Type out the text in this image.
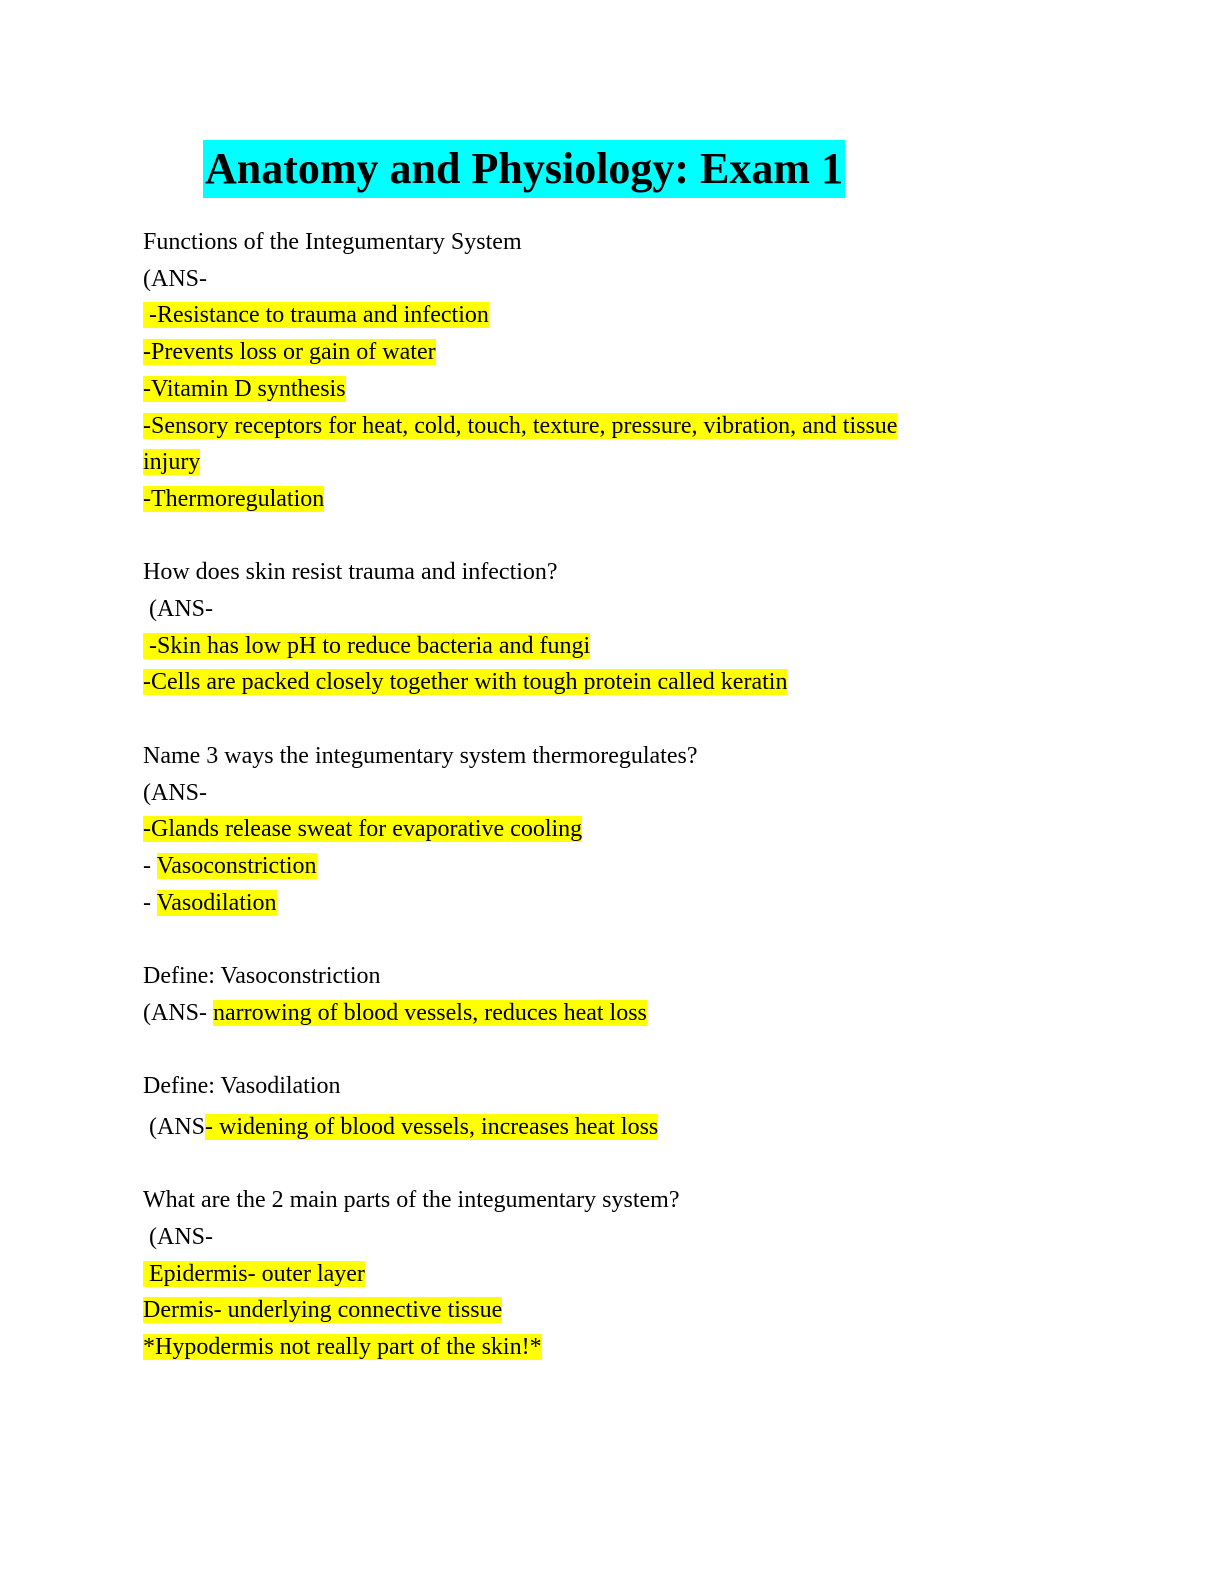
Anatomy and Physiology: Exam 1
Functions of the Integumentary System
(ANS-
-Resistance to trauma and infection
-Prevents loss or gain of water
-Vitamin D synthesis
-Sensory receptors for heat, cold, touch, texture, pressure, vibration, and tissue
injury
-Thermoregulation
How does skin resist trauma and infection?
(ANS-
-Skin has low pH to reduce bacteria and fungi
-Cells are packed closely together with tough protein called keratin
Name 3 ways the integumentary system thermoregulates?
(ANS-
-Glands release sweat for evaporative cooling
- Vasoconstriction
- Vasodilation
Define: Vasoconstriction
(ANS- narrowing of blood vessels, reduces heat loss
Define: Vasodilation
(ANS- widening of blood vessels, increases heat loss
What are the 2 main parts of the integumentary system?
(ANS-
Epidermis- outer layer
Dermis- underlying connective tissue
*Hypodermis not really part of the skin!*
